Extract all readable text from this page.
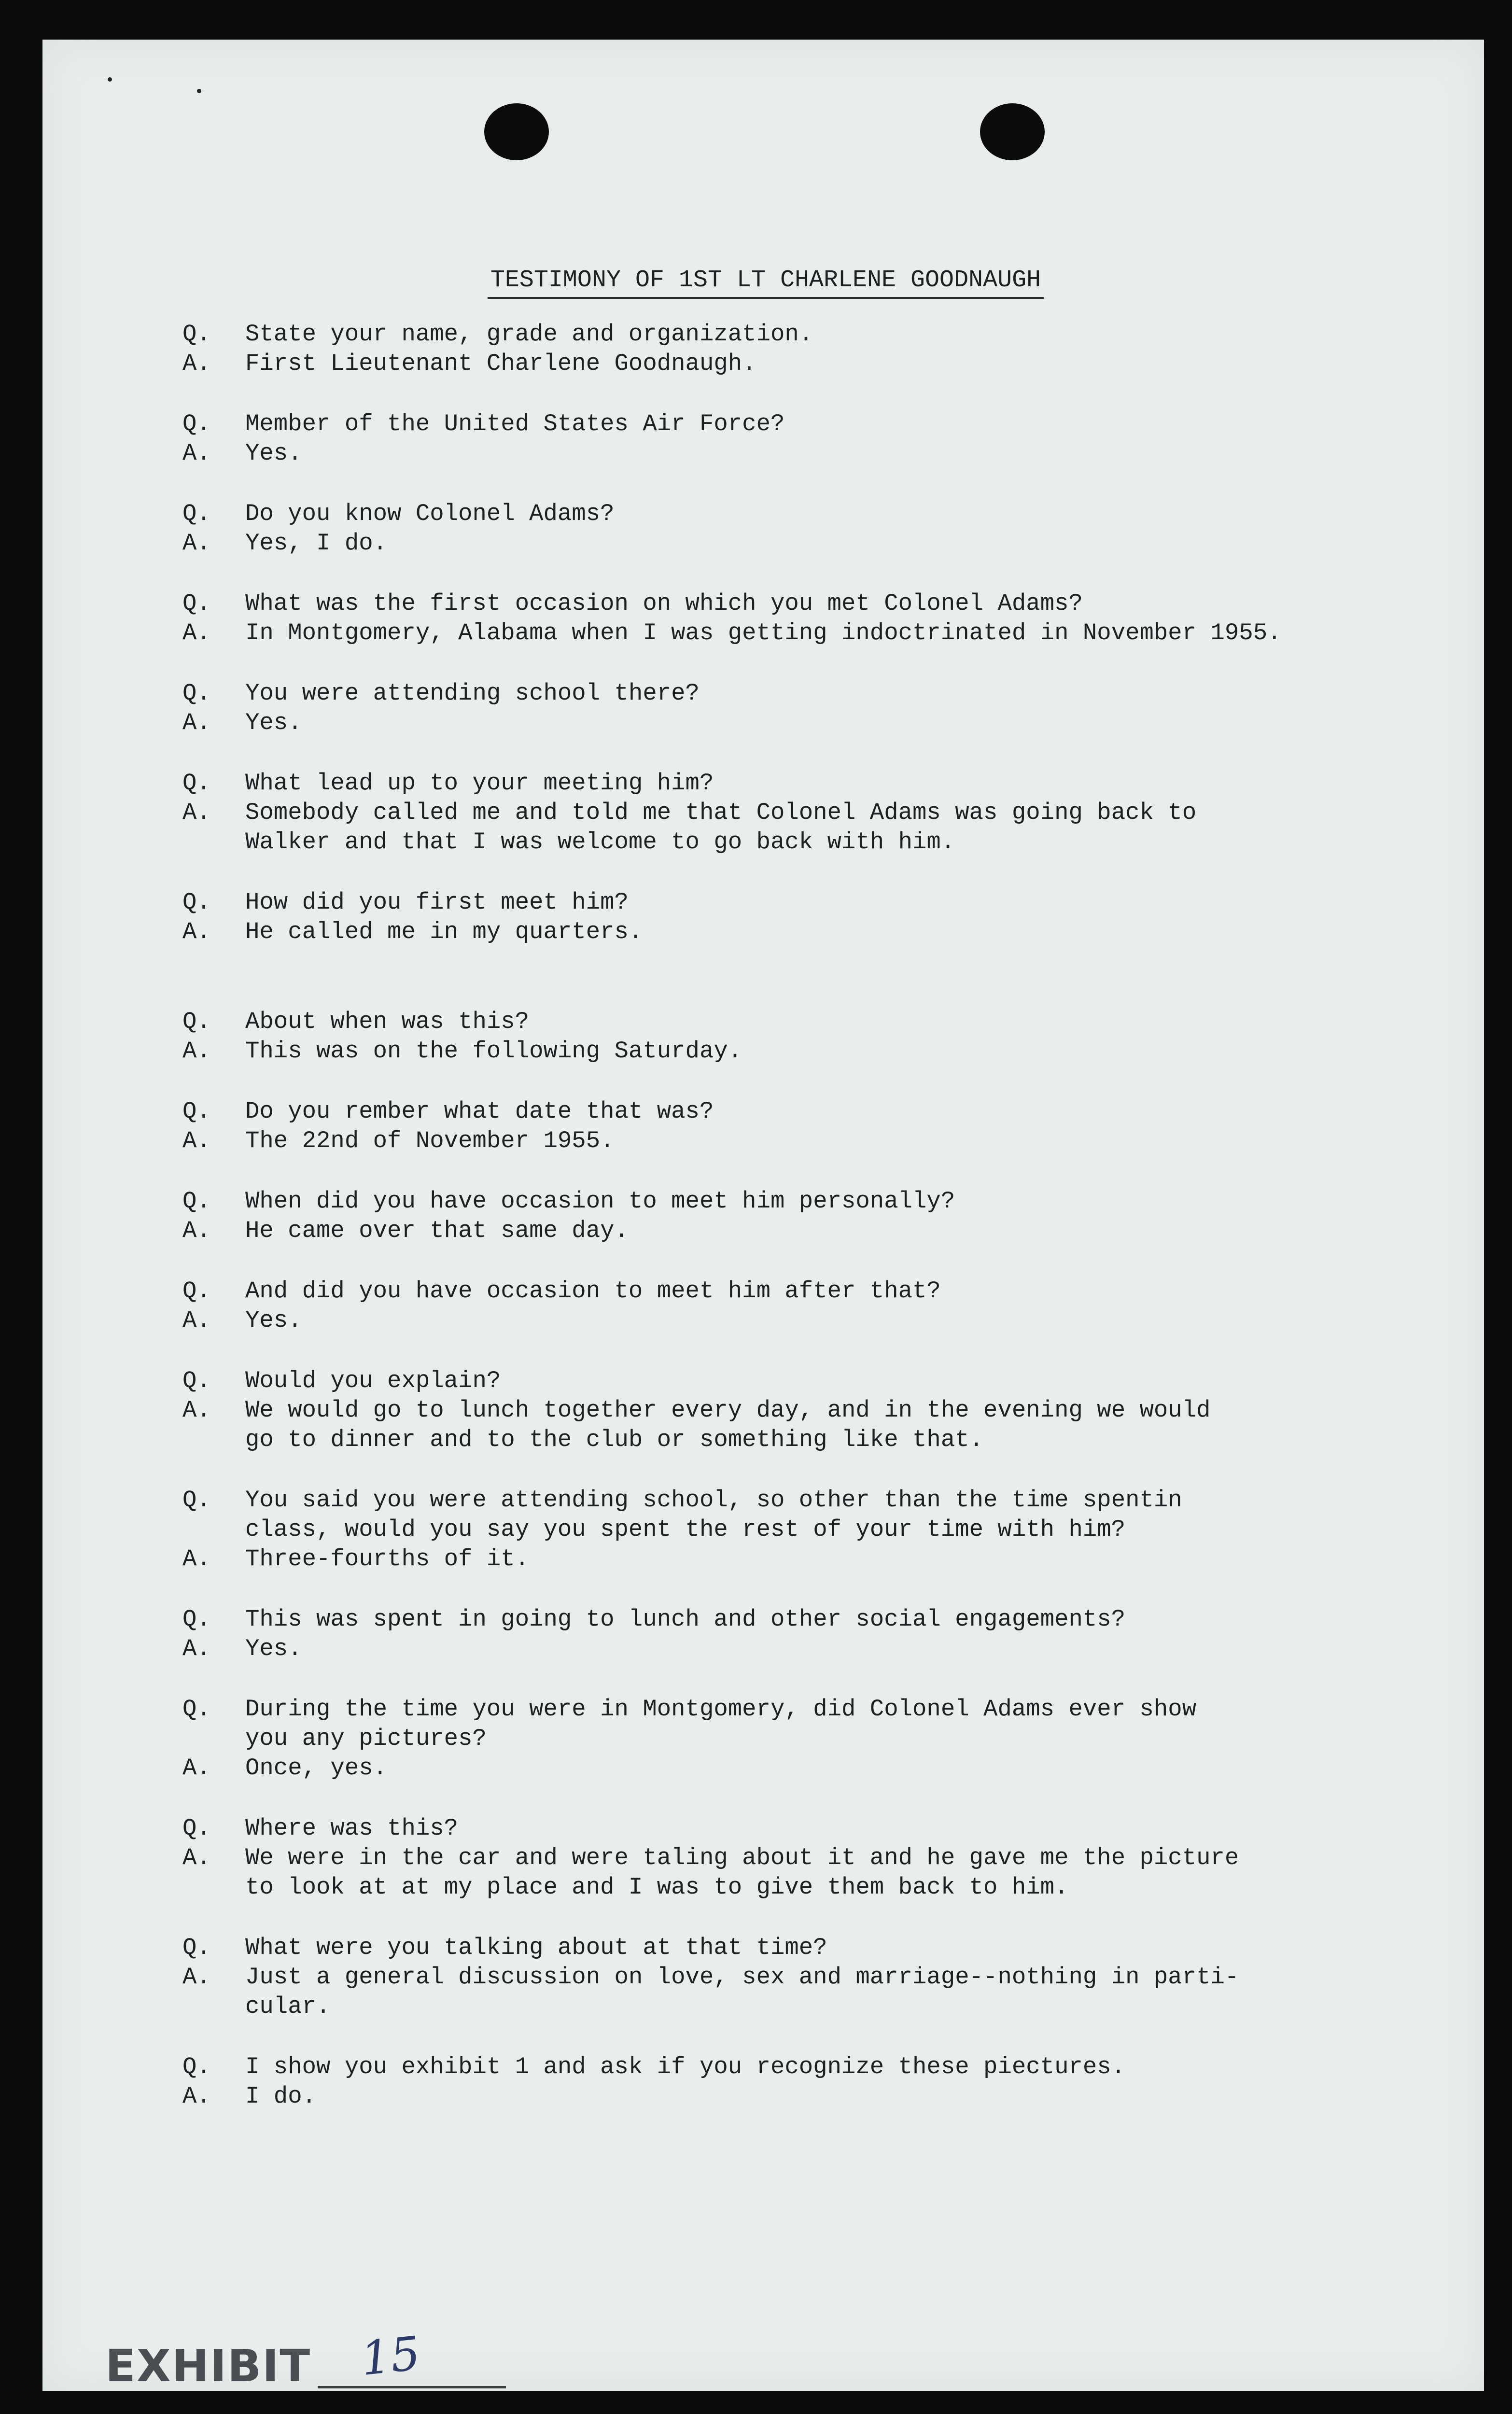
TESTIMONY OF 1ST LT CHARLENE GOODNAUGH
Q.	State your name, grade and organization.
A.	First Lieutenant Charlene Goodnaugh.
Q.	Member of the United States Air Force?
A.	Yes.
Q.	Do you know Colonel Adams?
A.	Yes, I do.
Q.	What was the first occasion on which you met Colonel Adams?
A.	In Montgomery, Alabama when I was getting indoctrinated in November 1955.
Q.	You were attending school there?
A.	Yes.
Q.	What lead up to your meeting him?
A.	Somebody called me and told me that Colonel Adams was going back to
Walker and that I was welcome to go back with him.
Q.	How did you first meet him?
A.	He called me in my quarters.
Q.	About when was this?
A.	This was on the following Saturday.
Q.	Do you rember what date that was?
A.	The 22nd of November 1955.
Q.	When did you have occasion to meet him personally?
A.	He came over that same day.
Q.	And did you have occasion to meet him after that?
A.	Yes.
Q.	Would you explain?
A.	We would go to lunch together every day, and in the evening we would
go to dinner and to the club or something like that.
Q.	You said you were attending school, so other than the time spentin
class, would you say you spent the rest of your time with him?
A.	Three-fourths of it.
Q.	This was spent in going to lunch and other social engagements?
A.	Yes.
Q.	During the time you were in Montgomery, did Colonel Adams ever show
you any pictures?
A.	Once, yes.
Q.	Where was this?
A.	We were in the car and were taling about it and he gave me the picture
to look at at my place and I was to give them back to him.
Q.	What were you talking about at that time?
A.	Just a general discussion on love, sex and marriage--nothing in parti-
cular.
Q.	I show you exhibit 1 and ask if you recognize these piectures.
A.	I do.
EXHIBIT 15
